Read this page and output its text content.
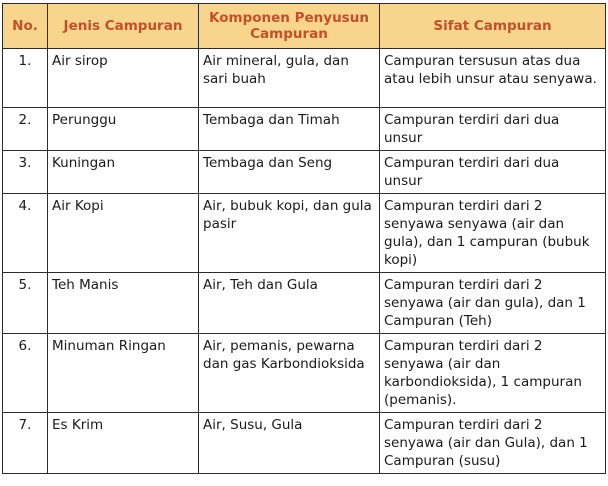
No.	Jenis Campuran	Komponen Penyusun Campuran	Sifat Campuran
1.	Air sirop	Air mineral, gula, dan sari buah	Campuran tersusun atas dua atau lebih unsur atau senyawa.
2.	Perunggu	Tembaga dan Timah	Campuran terdiri dari dua unsur
3.	Kuningan	Tembaga dan Seng	Campuran terdiri dari dua unsur
4.	Air Kopi	Air, bubuk kopi, dan gula pasir	Campuran terdiri dari 2 senyawa senyawa (air dan gula), dan 1 campuran (bubuk kopi)
5.	Teh Manis	Air, Teh dan Gula	Campuran terdiri dari 2 senyawa (air dan gula), dan 1 Campuran (Teh)
6.	Minuman Ringan	Air, pemanis, pewarna dan gas Karbondioksida	Campuran terdiri dari 2 senyawa (air dan karbondioksida), 1 campuran (pemanis).
7.	Es Krim	Air, Susu, Gula	Campuran terdiri dari 2 senyawa (air dan Gula), dan 1 Campuran (susu)
